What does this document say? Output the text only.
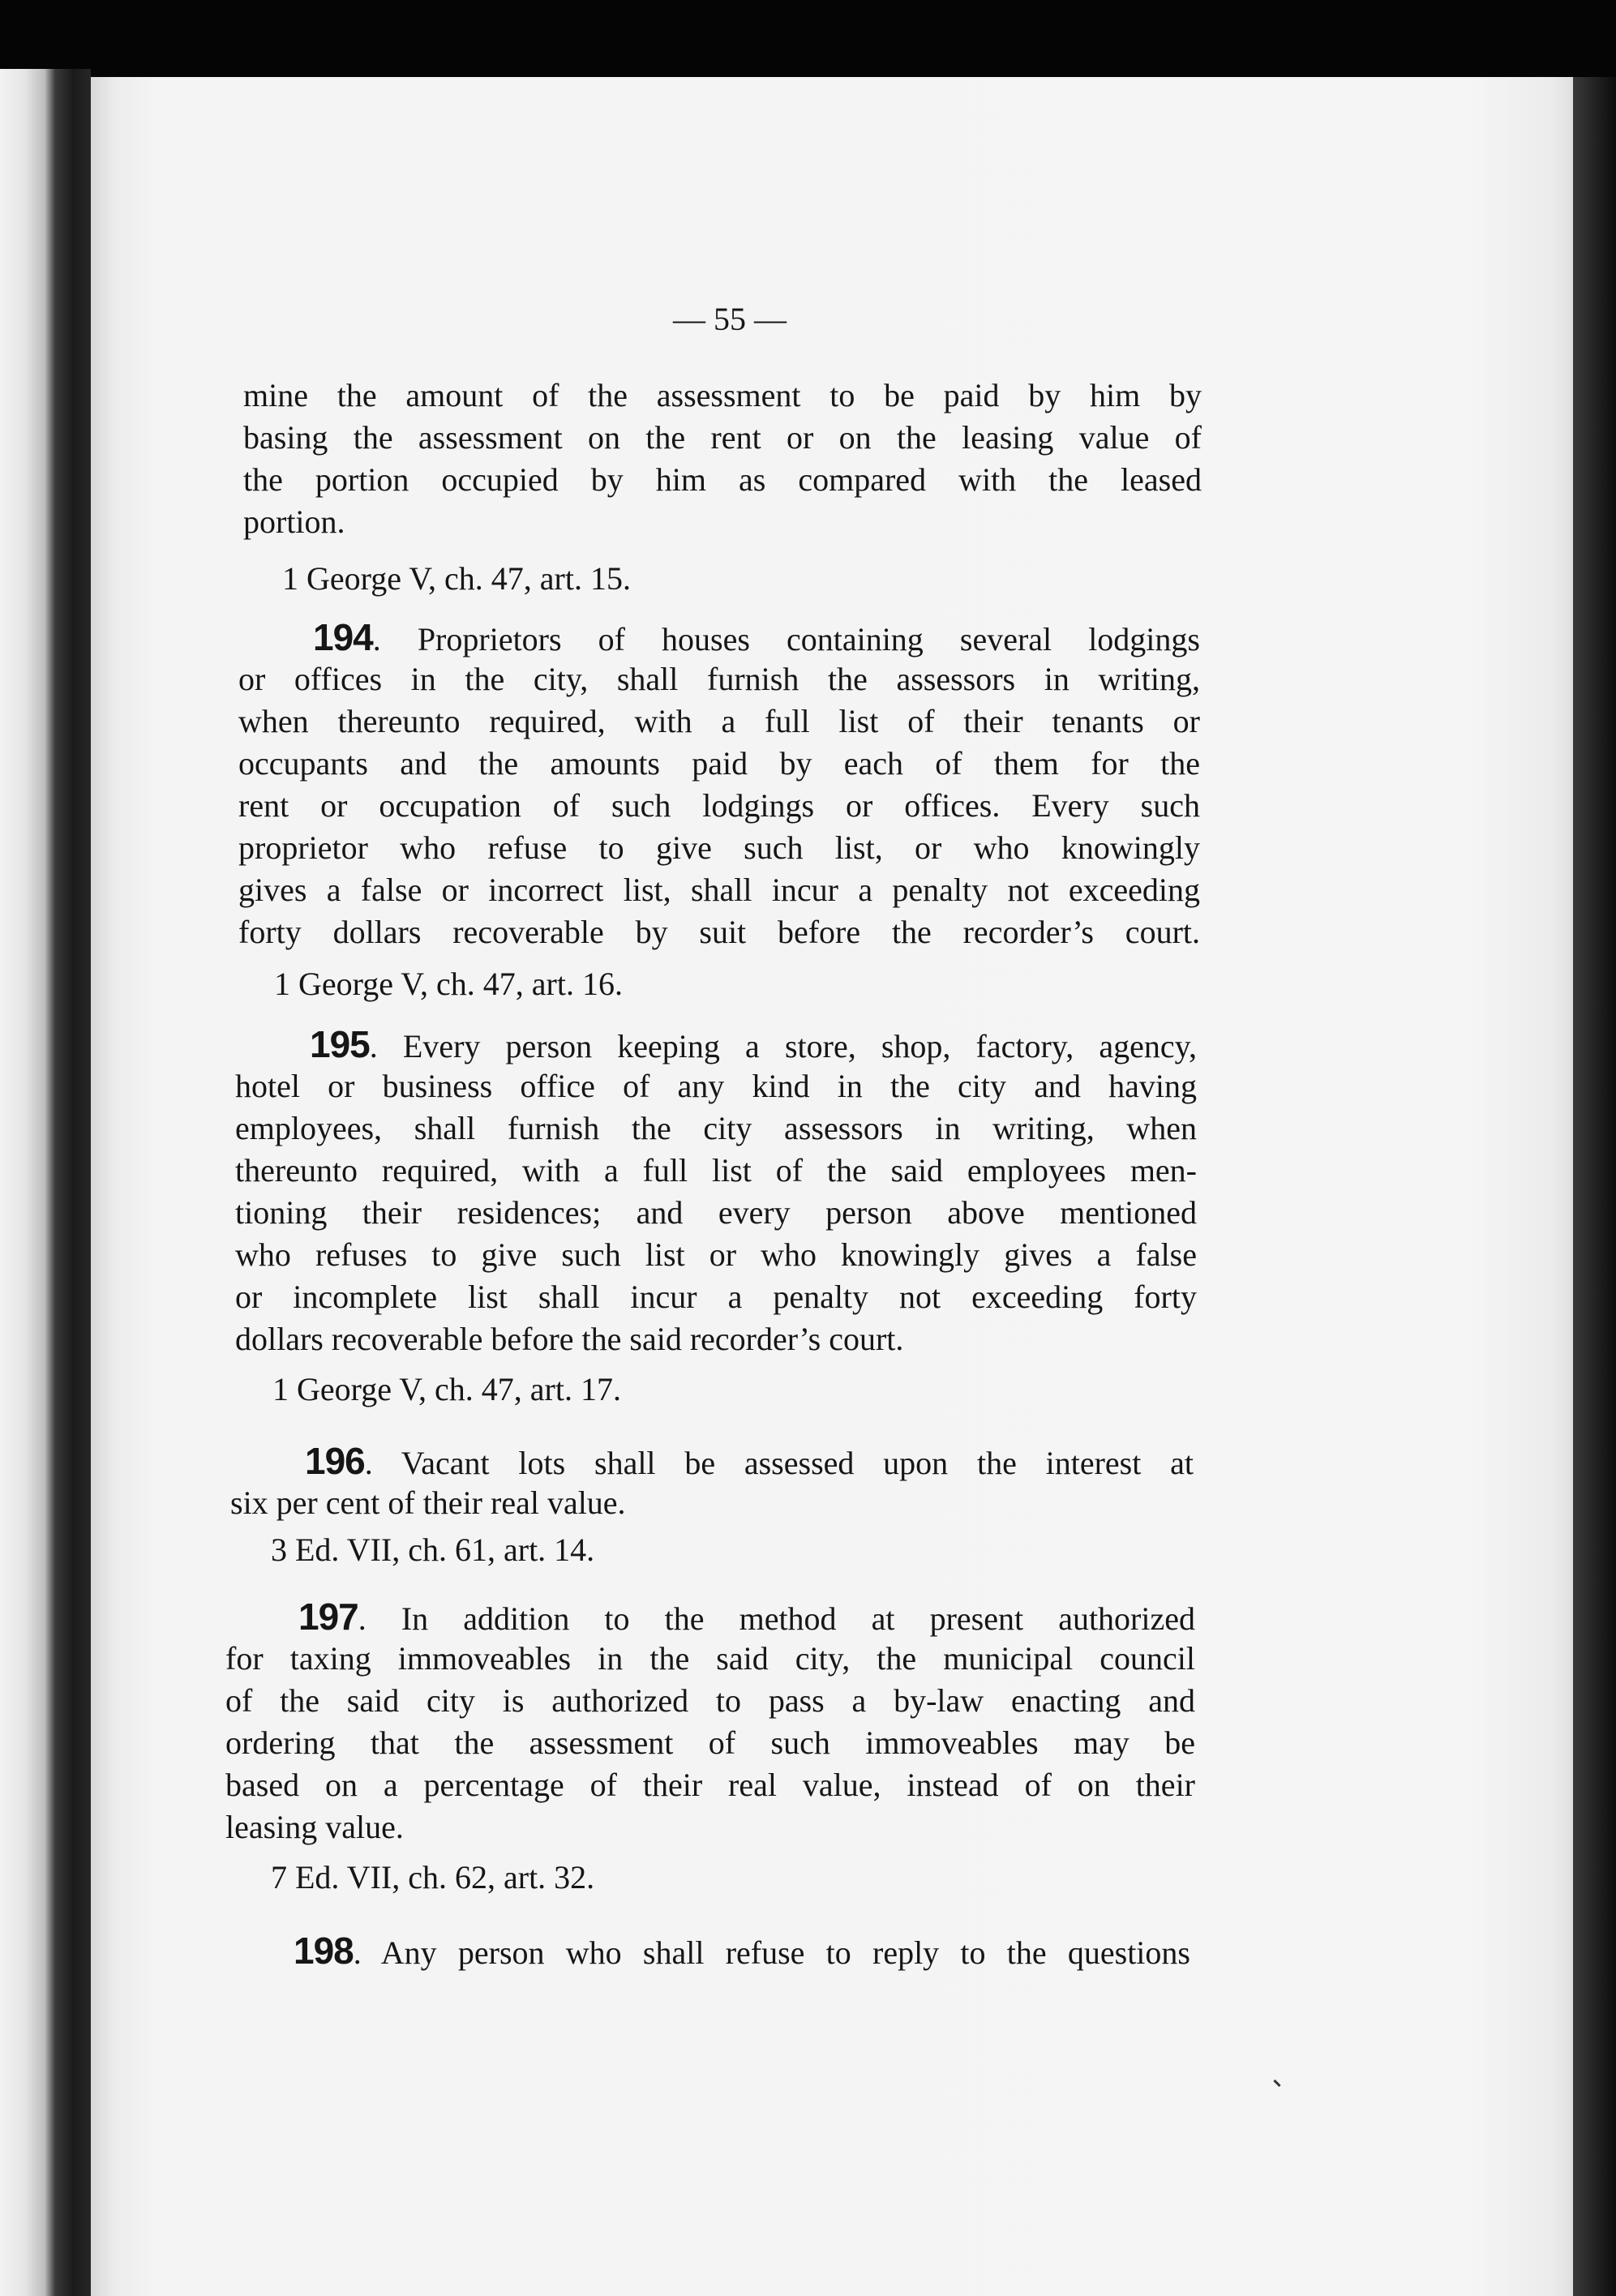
— 55 —
mine the amount of the assessment to be paid by him by
basing the assessment on the rent or on the leasing value of
the portion occupied by him as compared with the leased
portion.
1 George V, ch. 47, art. 15.
194. Proprietors of houses containing several lodgings
or offices in the city, shall furnish the assessors in writing,
when thereunto required, with a full list of their tenants or
occupants and the amounts paid by each of them for the
rent or occupation of such lodgings or offices. Every such
proprietor who refuse to give such list, or who knowingly
gives a false or incorrect list, shall incur a penalty not exceeding
forty dollars recoverable by suit before the recorder’s court.
1 George V, ch. 47, art. 16.
195. Every person keeping a store, shop, factory, agency,
hotel or business office of any kind in the city and having
employees, shall furnish the city assessors in writing, when
thereunto required, with a full list of the said employees men-
tioning their residences; and every person above mentioned
who refuses to give such list or who knowingly gives a false
or incomplete list shall incur a penalty not exceeding forty
dollars recoverable before the said recorder’s court.
1 George V, ch. 47, art. 17.
196. Vacant lots shall be assessed upon the interest at
six per cent of their real value.
3 Ed. VII, ch. 61, art. 14.
197. In addition to the method at present authorized
for taxing immoveables in the said city, the municipal council
of the said city is authorized to pass a by-law enacting and
ordering that the assessment of such immoveables may be
based on a percentage of their real value, instead of on their
leasing value.
7 Ed. VII, ch. 62, art. 32.
198. Any person who shall refuse to reply to the questions
